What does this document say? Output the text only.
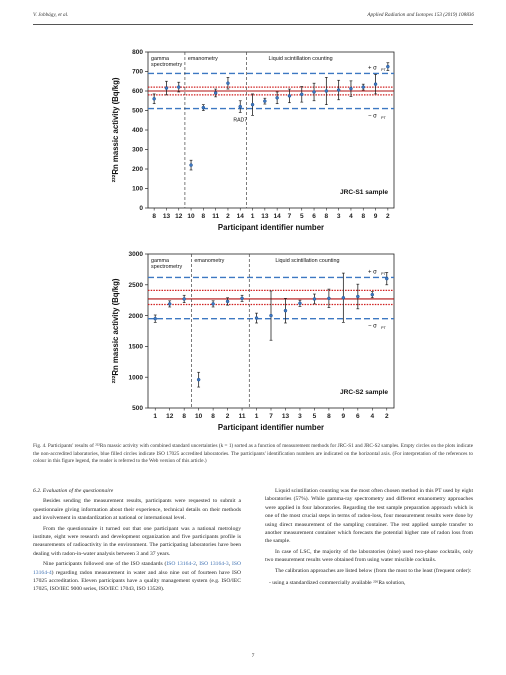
V. Jobbágy, et al.	Applied Radiation and Isotopes 153 (2019) 108836
0
100
200
300
400
500
600
700
800
gamma
spectrometry
emanometry	Liquid scintillation counting
8 13 12 10 8 11 2 14 1 13 14 7 5 6 8 3 4 8 9 2
Participant identifier number
²²²Rn massic activity (Bq/kg)
JRC-S1 sample
+ σ PT
− σ PT
RAD7
500
1000
1500
2000
2500
3000
gamma
spectrometry
emanometry	Liquid scintillation counting
1 12 8 10 8 2 11 1 7 13 3 5 8 9 6 4 2
Participant identifier number
²²²Rn massic activity (Bq/kg)
JRC-S2 sample
+ σ PT
− σ PT
Fig. 4. Participants' results of ²²²Rn massic activity with combined standard uncertainties (k = 1) sorted as a function of measurement methods for JRC-S1 and JRC-S2 samples. Empty circles on the plots indicate the non-accredited laboratories, blue filled circles indicate ISO 17025 accredited laboratories. The participants' identification numbers are indicated on the horizontal axis. (For interpretation of the references to colour in this figure legend, the reader is referred to the Web version of this article.)

6.2. Evaluation of the questionnaire

Besides sending the measurement results, participants were requested to submit a questionnaire giving information about their experience, technical details on their methods and involvement in standardization at national or international level.

From the questionnaire it turned out that one participant was a national metrology institute, eight were research and development organization and five participants profile is measurements of radioactivity in the environment. The participating laboratories have been dealing with radon-in-water analysis between 3 and 37 years.

Nine participants followed one of the ISO standards (ISO 13164-2, ISO 13164-3, ISO 13164-4) regarding radon measurement in water and also nine out of fourteen have ISO 17025 accreditation. Eleven participants have a quality management system (e.g. ISO/IEC 17025, ISO/IEC 9000 series, ISO/IEC 17043, ISO 13528).

Liquid scintillation counting was the most often chosen method in this PT used by eight laboratories (57%). While gamma-ray spectrometry and different emanometry approaches were applied in four laboratories. Regarding the test sample preparation approach which is one of the most crucial steps in terms of radon-loss, four measurement results were done by using direct measurement of the sampling container. The rest applied sample transfer to another measurement container which forecasts the potential higher rate of radon loss from the sample.

In case of LSC, the majority of the laboratories (nine) used two-phase cocktails, only two measurement results were obtained from using water miscible cocktails.

The calibration approaches are listed below (from the most to the least (frequent order):

- using a standardized commercially available ²²⁶Ra solution,

7
